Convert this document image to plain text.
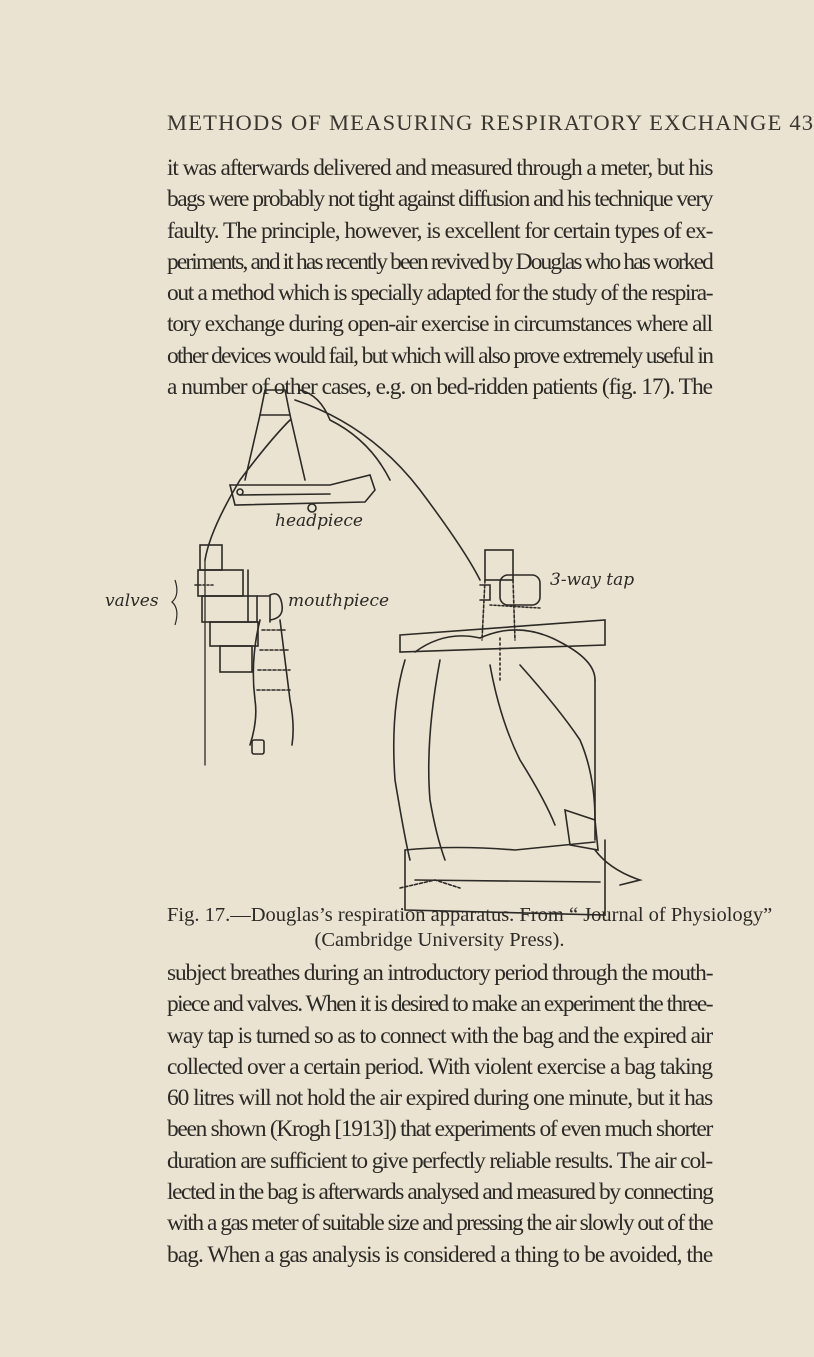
METHODS OF MEASURING RESPIRATORY EXCHANGE 43
it was afterwards delivered and measured through a meter, but his
bags were probably not tight against diffusion and his technique very
faulty. The principle, however, is excellent for certain types of ex-
periments, and it has recently been revived by Douglas who has worked
out a method which is specially adapted for the study of the respira-
tory exchange during open-air exercise in circumstances where all
other devices would fail, but which will also prove extremely useful in
a number of other cases, e.g. on bed-ridden patients (fig. 17). The
headpiece
valves	mouthpiece
3-way tap
Fig. 17.—Douglas’s respiration apparatus. From “ Journal of Physiology”
(Cambridge University Press).
subject breathes during an introductory period through the mouth-
piece and valves. When it is desired to make an experiment the three-
way tap is turned so as to connect with the bag and the expired air
collected over a certain period. With violent exercise a bag taking
60 litres will not hold the air expired during one minute, but it has
been shown (Krogh [1913]) that experiments of even much shorter
duration are sufficient to give perfectly reliable results. The air col-
lected in the bag is afterwards analysed and measured by connecting
with a gas meter of suitable size and pressing the air slowly out of the
bag. When a gas analysis is considered a thing to be avoided, the
